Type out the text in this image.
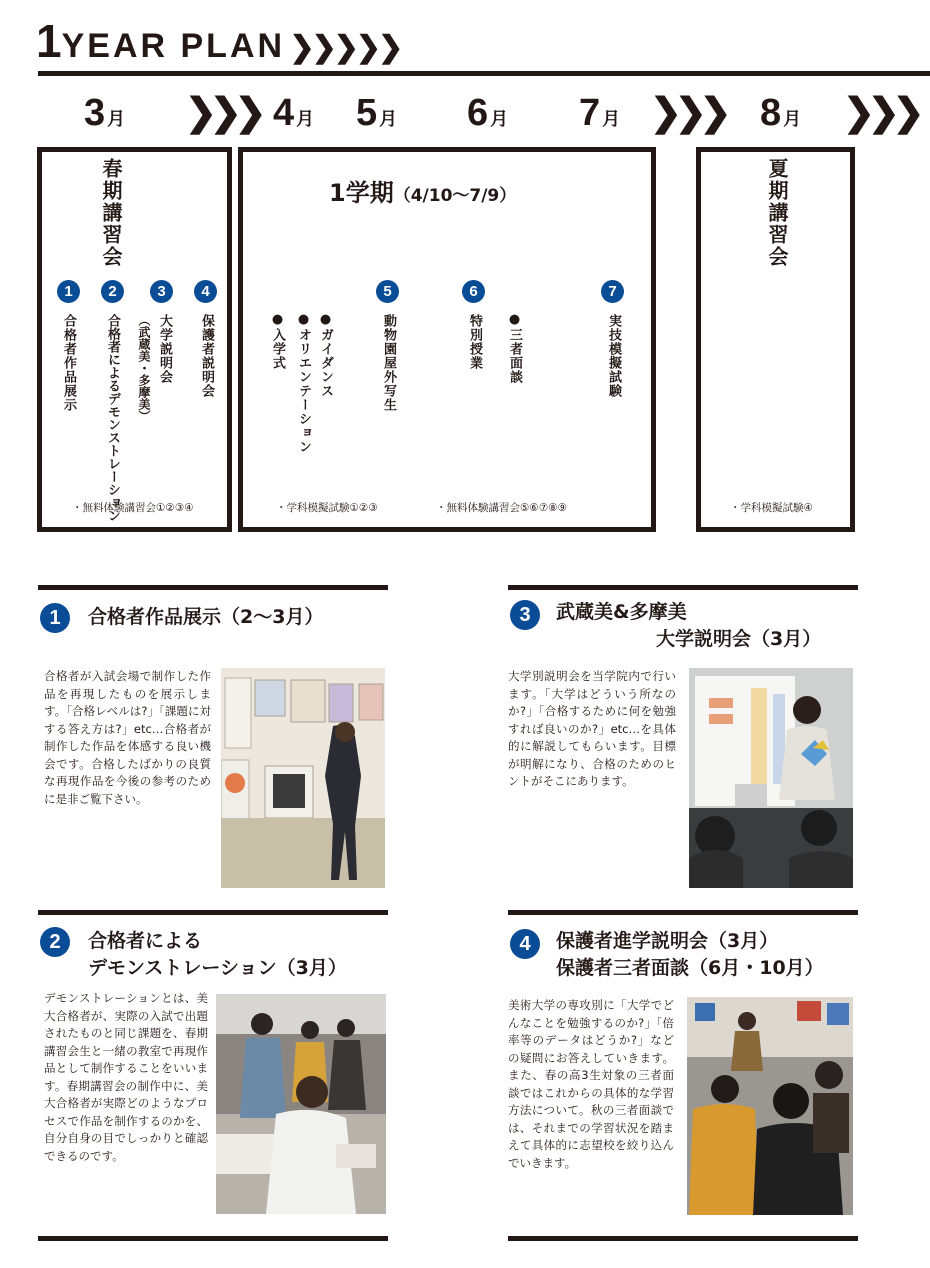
1YEAR PLAN ❯❯❯❯❯
3 月 ❯❯❯ 4 月 5 月 6 月 7 月 ❯❯❯ 8 月 ❯❯❯
春期講習会
1
合格者作品展示
2
合格者によるデモンストレーション
3
大学説明会
（武蔵美・多摩美）
4
保護者説明会
・無料体験講習会①②③④
1学期（4/10〜7/9）
●入学式	●ガイダンス
●オリエンテーション
5
動物園屋外写生
6
特別授業 ●三者面談
7
実技模擬試験
・学科模擬試験①②③	・無料体験講習会⑤⑥⑦⑧⑨
夏期講習会
・学科模擬試験④
1	合格者作品展示（2〜3月）
合格者が入試会場で制作した作品を再現したものを展示します。「合格レベルは?」「課題に対する答え方は?」etc…合格者が制作した作品を体感する良い機会です。合格したばかりの良質な再現作品を今後の参考のために是非ご覧下さい。
2	合格者による
デモンストレーション（3月）
デモンストレーションとは、美大合格者が、実際の入試で出題されたものと同じ課題を、春期講習会生と一緒の教室で再現作品として制作することをいいます。春期講習会の制作中に、美大合格者が実際どのようなプロセスで作品を制作するのかを、自分自身の目でしっかりと確認できるのです。
3	武蔵美&多摩美
大学説明会（3月）
大学別説明会を当学院内で行います。「大学はどういう所なのか?」「合格するために何を勉強すれば良いのか?」etc…を具体的に解説してもらいます。目標が明解になり、合格のためのヒントがそこにあります。
4	保護者進学説明会（3月）
保護者三者面談（6月・10月）
美術大学の専攻別に「大学でどんなことを勉強するのか?」「倍率等のデータはどうか?」などの疑問にお答えしていきます。また、春の高3生対象の三者面談ではこれからの具体的な学習方法について。秋の三者面談では、それまでの学習状況を踏まえて具体的に志望校を絞り込んでいきます。
